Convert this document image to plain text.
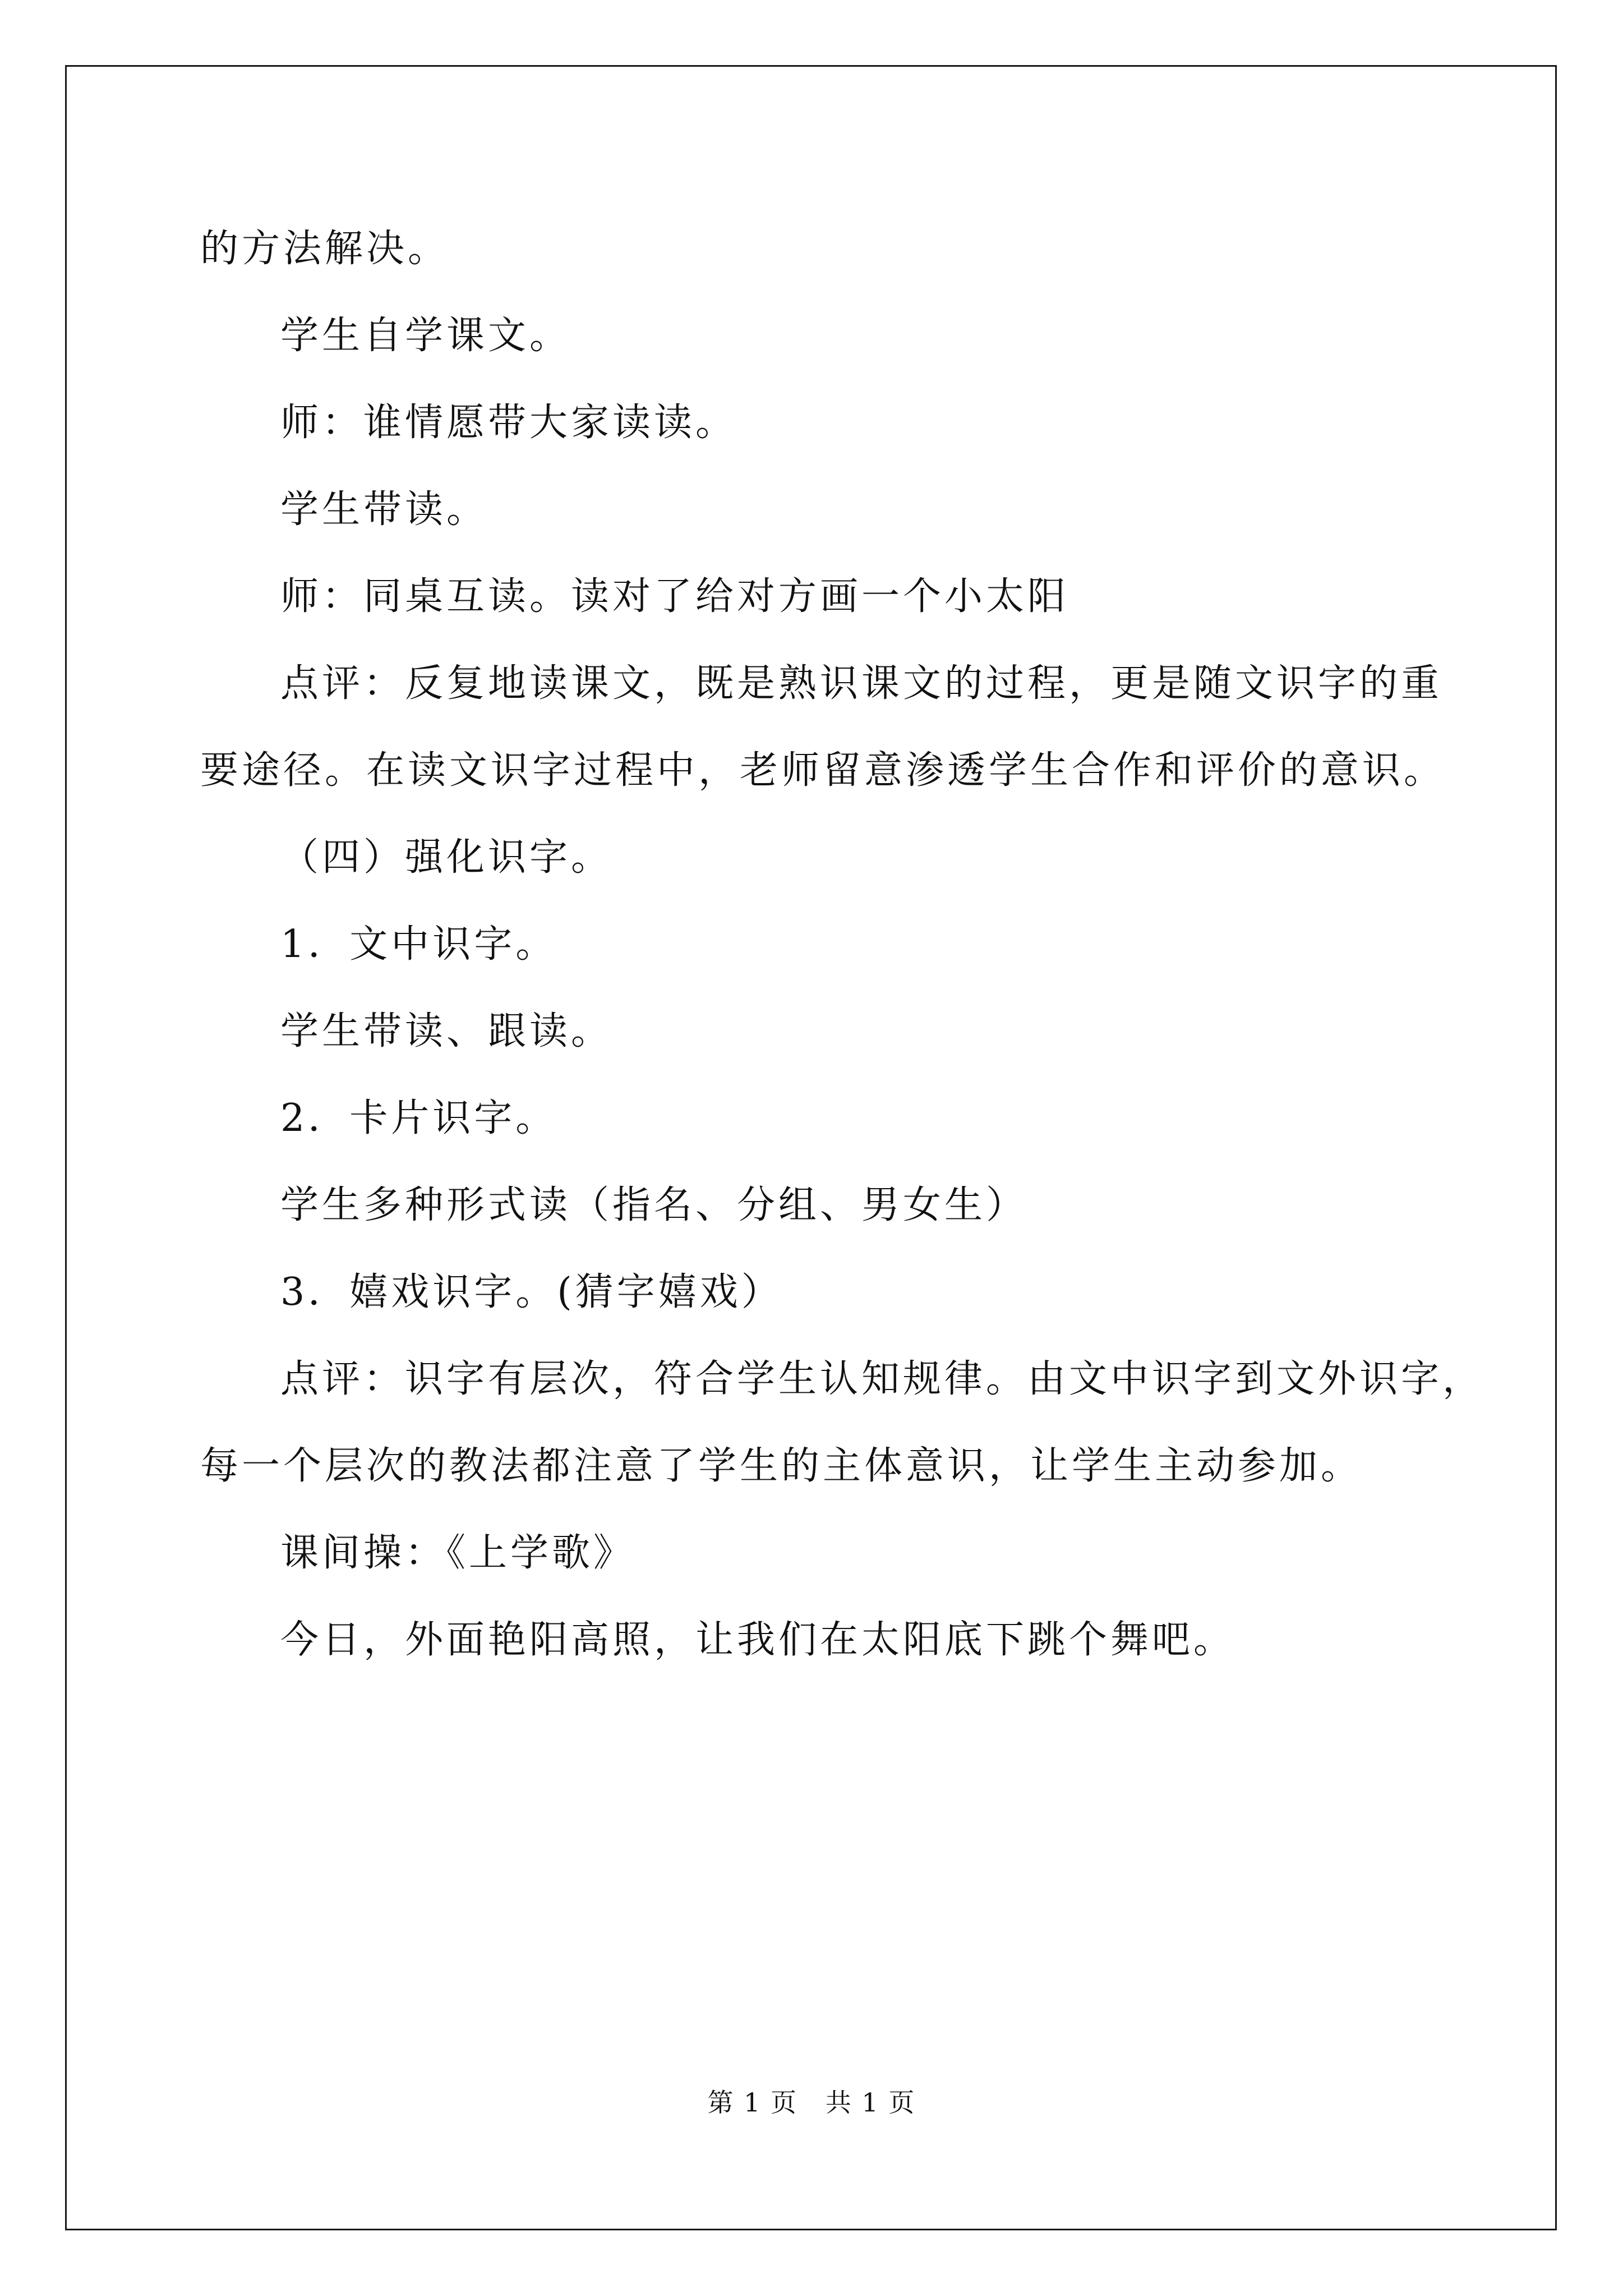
的方法解决。
学生自学课文。
师：谁情愿带大家读读。
学生带读。
师：同桌互读。读对了给对方画一个小太阳
点评：反复地读课文，既是熟识课文的过程，更是随文识字的重
要途径。在读文识字过程中，老师留意渗透学生合作和评价的意识。
（四）强化识字。
1．文中识字。
学生带读、跟读。
2．卡片识字。
学生多种形式读（指名、分组、男女生）
3．嬉戏识字。(猜字嬉戏）
点评：识字有层次，符合学生认知规律。由文中识字到文外识字，
每一个层次的教法都注意了学生的主体意识，让学生主动参加。
课间操：《上学歌》
今日，外面艳阳高照，让我们在太阳底下跳个舞吧。
第 1 页   共 1 页
